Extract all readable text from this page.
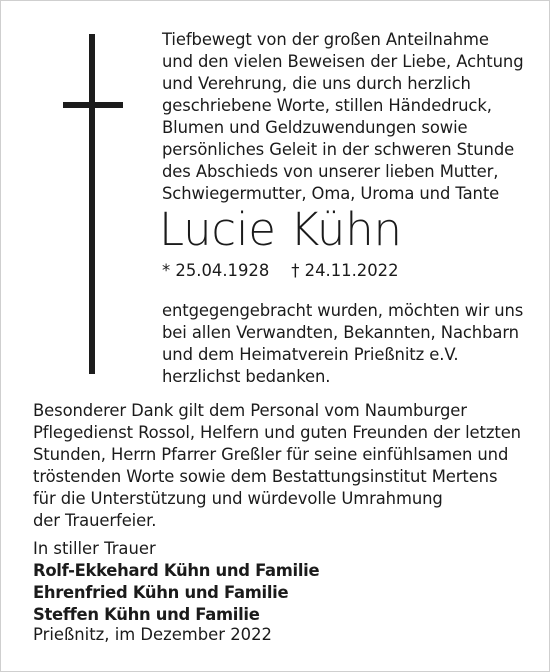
Tiefbewegt von der großen Anteilnahme
und den vielen Beweisen der Liebe, Achtung
und Verehrung, die uns durch herzlich
geschriebene Worte, stillen Händedruck,
Blumen und Geldzuwendungen sowie
persönliches Geleit in der schweren Stunde
des Abschieds von unserer lieben Mutter,
Schwiegermutter, Oma, Uroma und Tante
Lucie Kühn
* 25.04.1928 † 24.11.2022
entgegengebracht wurden, möchten wir uns
bei allen Verwandten, Bekannten, Nachbarn
und dem Heimatverein Prießnitz e.V.
herzlichst bedanken.
Besonderer Dank gilt dem Personal vom Naumburger
Pflegedienst Rossol, Helfern und guten Freunden der letzten
Stunden, Herrn Pfarrer Greßler für seine einfühlsamen und
tröstenden Worte sowie dem Bestattungsinstitut Mertens
für die Unterstützung und würdevolle Umrahmung
der Trauerfeier.
In stiller Trauer
Rolf-Ekkehard Kühn und Familie
Ehrenfried Kühn und Familie
Steffen Kühn und Familie
Prießnitz, im Dezember 2022
